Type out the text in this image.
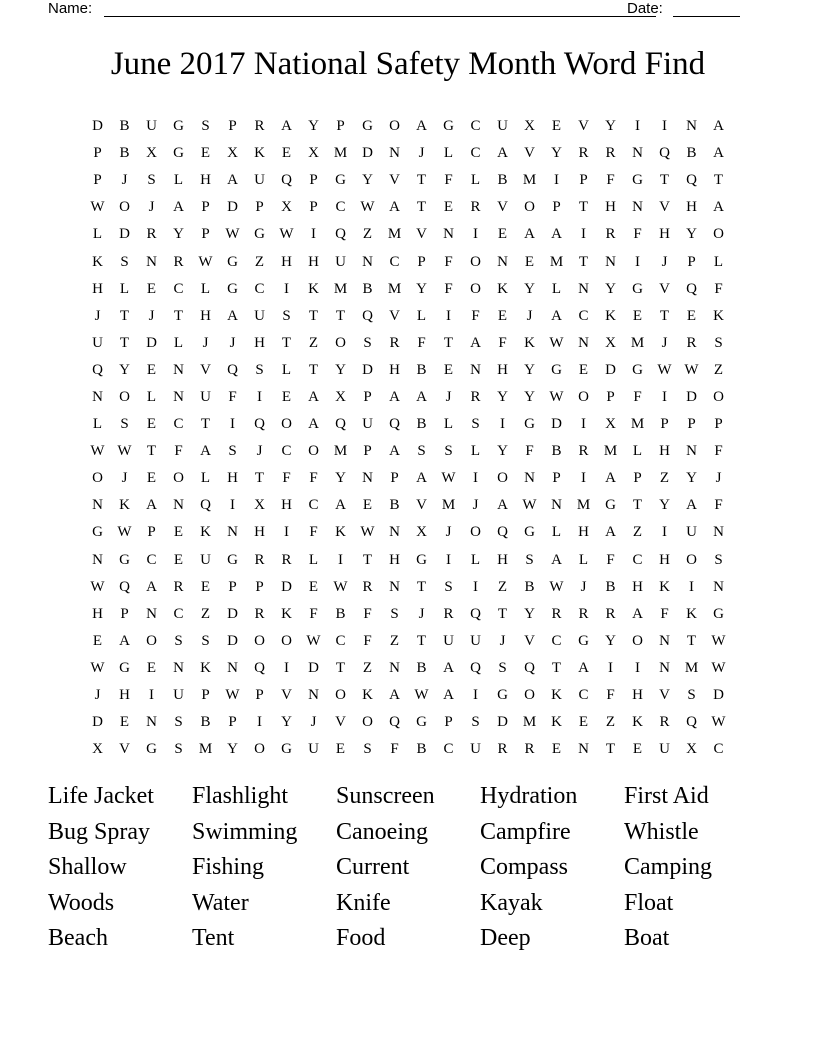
Name:	Date:
June 2017 National Safety Month Word Find
D	B	U	G	S	P	R	A	Y	P	G	O	A	G	C	U	X	E	V	Y	I	I	N	A
P	B	X	G	E	X	K	E	X M D	N	J	L	C	A	V	Y	R	R	N	Q	B	A
P	J	S	L	H	A	U	Q	P	G	Y	V	T	F	L	B	M	I	P	F	G	T	Q	T
W O	J	A	P	D	P	X	P	C W A	T	E	R	V	O	P	T	H	N	V	H	A
L	D	R	Y	P	W G W	I	Q	Z	M V	N	I	E	A	A	I	R	F	H	Y	O
K	S	N	R W G	Z	H	H	U	N	C	P	F	O	N	E	M	T	N	I	J	P	L
H	L	E	C	L	G	C	I	K M	B	M Y	F	O	K	Y	L	N	Y	G	V	Q	F
J	T	J	T	H	A	U	S	T	T	Q	V	L	I	F	E	J	A	C	K	E	T	E	K
U	T	D	L	J	J	H	T	Z	O	S	R	F	T	A	F	K W N	X M	J	R	S
Q	Y	E	N	V	Q	S	L	T	Y	D	H	B	E	N	H	Y	G	E	D	G W W	Z
N	O	L	N	U	F	I	E	A	X	P	A	A	J	R	Y	Y W O	P	F	I	D	O
L	S	E	C	T	I	Q	O	A	Q	U	Q	B	L	S	I	G	D	I	X M	P	P	P
W W	T	F	A	S	J	C	O M	P	A	S	S	L	Y	F	B	R	M	L	H	N	F
O	J	E	O	L	H	T	F	F	Y	N	P	A W	I	O	N	P	I	A	P	Z	Y	J
N	K	A	N	Q	I	X	H	C	A	E	B	V M	J	A W N M G	T	Y	A	F
G W	P	E	K	N	H	I	F	K W N	X	J	O	Q	G	L	H	A	Z	I	U	N
N	G	C	E	U	G	R	R	L	I	T	H	G	I	L	H	S	A	L	F	C	H	O	S
W Q	A	R	E	P	P	D	E	W R	N	T	S	I	Z	B W	J	B	H	K	I	N
H	P	N	C	Z	D	R	K	F	B	F	S	J	R	Q	T	Y	R	R	R	A	F	K	G
E	A	O	S	S	D	O	O W C	F	Z	T	U	U	J	V	C	G	Y	O	N	T	W
W G	E	N	K	N	Q	I	D	T	Z	N	B	A	Q	S	Q	T	A	I	I	N M W
J	H	I	U	P	W	P	V	N	O	K	A W A	I	G	O	K	C	F	H	V	S	D
D	E	N	S	B	P	I	Y	J	V	O	Q	G	P	S	D M K	E	Z	K	R	Q W
X	V	G	S	M Y	O	G	U	E	S	F	B	C	U	R	R	E	N	T	E	U	X	C
Life Jacket	Flashlight	Sunscreen	Hydration	First Aid
Bug Spray	Swimming	Canoeing	Campfire	Whistle
Shallow	Fishing	Current	Compass	Camping
Woods	Water	Knife	Kayak	Float
Beach	Tent	Food	Deep	Boat
